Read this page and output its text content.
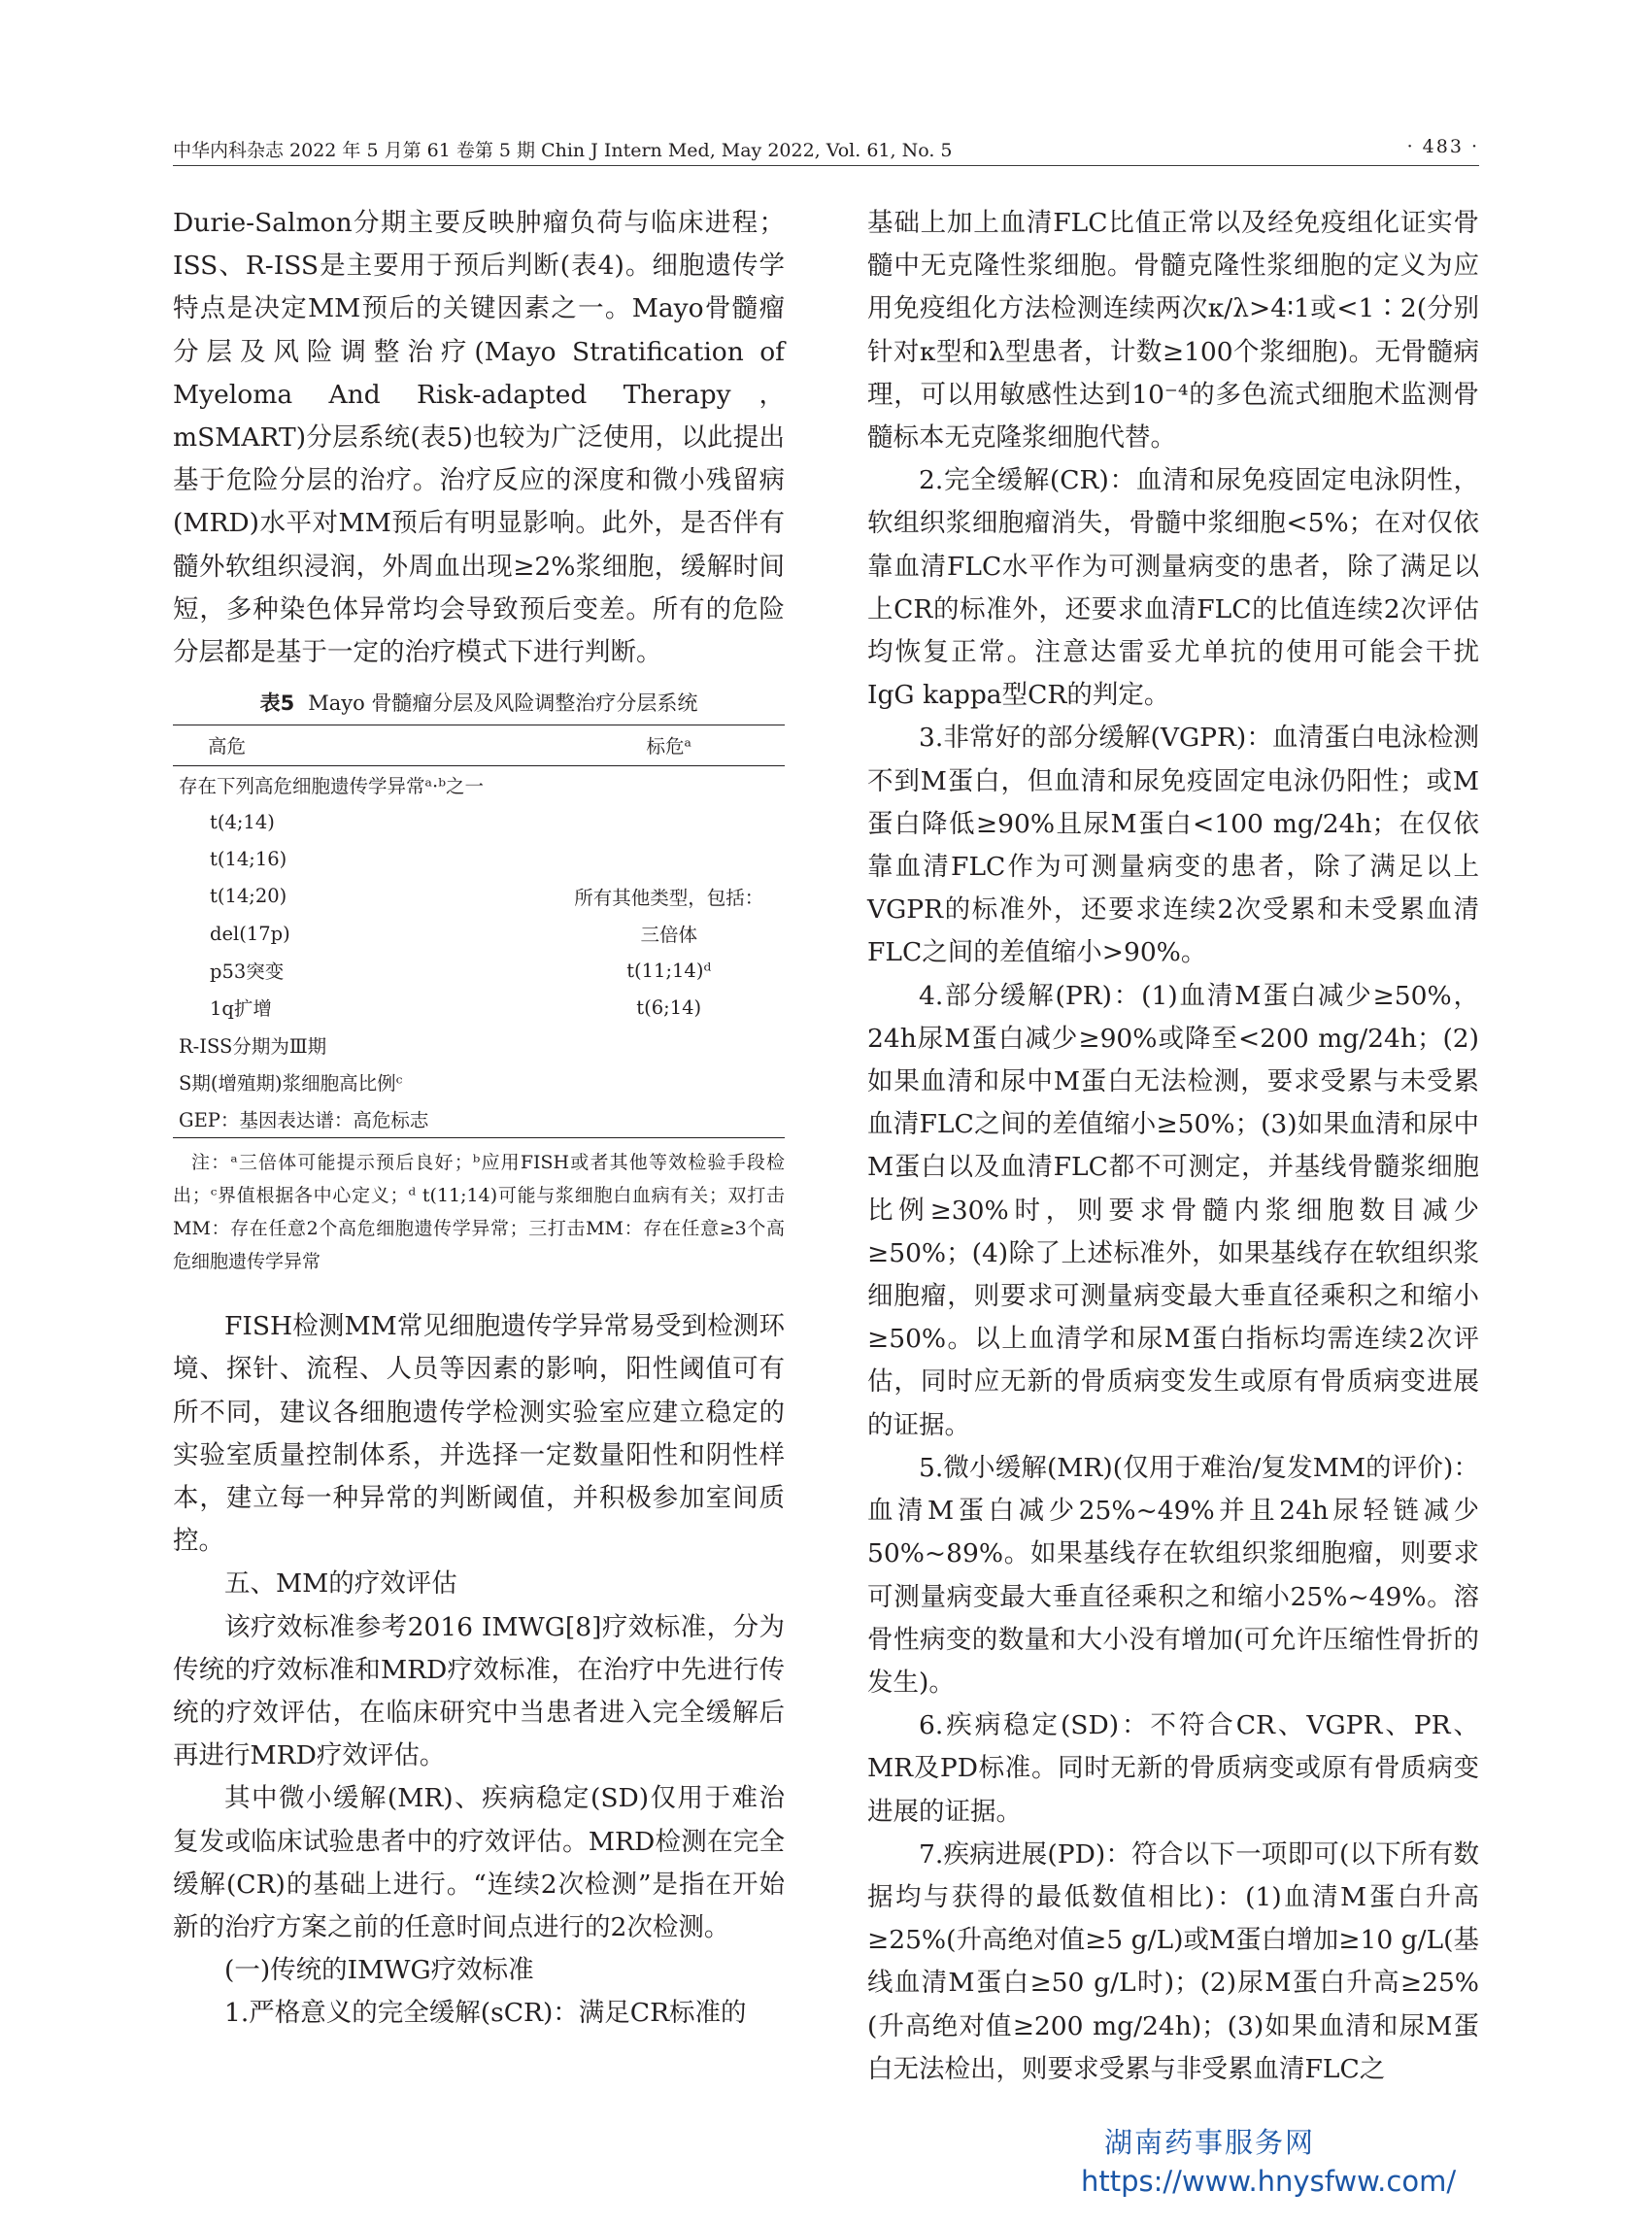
中华内科杂志 2022 年 5 月第 61 卷第 5 期 Chin J Intern Med, May 2022, Vol. 61, No. 5	· 483 ·

Durie-Salmon分期主要反映肿瘤负荷与临床进程；ISS、R-ISS是主要用于预后判断(表4)。细胞遗传学特点是决定MM预后的关键因素之一。Mayo骨髓瘤分层及风险调整治疗(Mayo Stratification of Myeloma And Risk-adapted Therapy，mSMART)分层系统(表5)也较为广泛使用，以此提出基于危险分层的治疗。治疗反应的深度和微小残留病(MRD)水平对MM预后有明显影响。此外，是否伴有髓外软组织浸润，外周血出现≥2%浆细胞，缓解时间短，多种染色体异常均会导致预后变差。所有的危险分层都是基于一定的治疗模式下进行判断。

表5 Mayo 骨髓瘤分层及风险调整治疗分层系统
高危	标危ᵃ
存在下列高危细胞遗传学异常ᵃ·ᵇ之一	
t(4;14)	
t(14;16)	
t(14;20)	所有其他类型，包括：
del(17p)	三倍体
p53突变	t(11;14)ᵈ
1q扩增	t(6;14)
R-ISS分期为Ⅲ期	
S期(增殖期)浆细胞高比例ᶜ	
GEP：基因表达谱：高危标志	

注：ᵃ三倍体可能提示预后良好；ᵇ应用FISH或者其他等效检验手段检出；ᶜ界值根据各中心定义；ᵈ t(11;14)可能与浆细胞白血病有关；双打击MM：存在任意2个高危细胞遗传学异常；三打击MM：存在任意≥3个高危细胞遗传学异常

FISH检测MM常见细胞遗传学异常易受到检测环境、探针、流程、人员等因素的影响，阳性阈值可有所不同，建议各细胞遗传学检测实验室应建立稳定的实验室质量控制体系，并选择一定数量阳性和阴性样本，建立每一种异常的判断阈值，并积极参加室间质控。

五、MM的疗效评估

该疗效标准参考2016 IMWG[8]疗效标准，分为传统的疗效标准和MRD疗效标准，在治疗中先进行传统的疗效评估，在临床研究中当患者进入完全缓解后再进行MRD疗效评估。

其中微小缓解(MR)、疾病稳定(SD)仅用于难治复发或临床试验患者中的疗效评估。MRD检测在完全缓解(CR)的基础上进行。“连续2次检测”是指在开始新的治疗方案之前的任意时间点进行的2次检测。

(一)传统的IMWG疗效标准

1.严格意义的完全缓解(sCR)：满足CR标准的

基础上加上血清FLC比值正常以及经免疫组化证实骨髓中无克隆性浆细胞。骨髓克隆性浆细胞的定义为应用免疫组化方法检测连续两次κ/λ>4∶1或<1∶2(分别针对κ型和λ型患者，计数≥100个浆细胞)。无骨髓病理，可以用敏感性达到10⁻⁴的多色流式细胞术监测骨髓标本无克隆浆细胞代替。

2.完全缓解(CR)：血清和尿免疫固定电泳阴性，软组织浆细胞瘤消失，骨髓中浆细胞<5%；在对仅依靠血清FLC水平作为可测量病变的患者，除了满足以上CR的标准外，还要求血清FLC的比值连续2次评估均恢复正常。注意达雷妥尤单抗的使用可能会干扰IgG kappa型CR的判定。

3.非常好的部分缓解(VGPR)：血清蛋白电泳检测不到M蛋白，但血清和尿免疫固定电泳仍阳性；或M蛋白降低≥90%且尿M蛋白<100 mg/24h；在仅依靠血清FLC作为可测量病变的患者，除了满足以上VGPR的标准外，还要求连续2次受累和未受累血清FLC之间的差值缩小>90%。

4.部分缓解(PR)：(1)血清M蛋白减少≥50%，24h尿M蛋白减少≥90%或降至<200 mg/24h；(2)如果血清和尿中M蛋白无法检测，要求受累与未受累血清FLC之间的差值缩小≥50%；(3)如果血清和尿中M蛋白以及血清FLC都不可测定，并基线骨髓浆细胞比例≥30%时，则要求骨髓内浆细胞数目减少≥50%；(4)除了上述标准外，如果基线存在软组织浆细胞瘤，则要求可测量病变最大垂直径乘积之和缩小≥50%。以上血清学和尿M蛋白指标均需连续2次评估，同时应无新的骨质病变发生或原有骨质病变进展的证据。

5.微小缓解(MR)(仅用于难治/复发MM的评价)：血清M蛋白减少25%~49%并且24h尿轻链减少50%~89%。如果基线存在软组织浆细胞瘤，则要求可测量病变最大垂直径乘积之和缩小25%~49%。溶骨性病变的数量和大小没有增加(可允许压缩性骨折的发生)。

6.疾病稳定(SD)：不符合CR、VGPR、PR、MR及PD标准。同时无新的骨质病变或原有骨质病变进展的证据。

7.疾病进展(PD)：符合以下一项即可(以下所有数据均与获得的最低数值相比)：(1)血清M蛋白升高≥25%(升高绝对值≥5 g/L)或M蛋白增加≥10 g/L(基线血清M蛋白≥50 g/L时)；(2)尿M蛋白升高≥25%(升高绝对值≥200 mg/24h)；(3)如果血清和尿M蛋白无法检出，则要求受累与非受累血清FLC之

湖南药事服务网
https://www.hnysfww.com/
